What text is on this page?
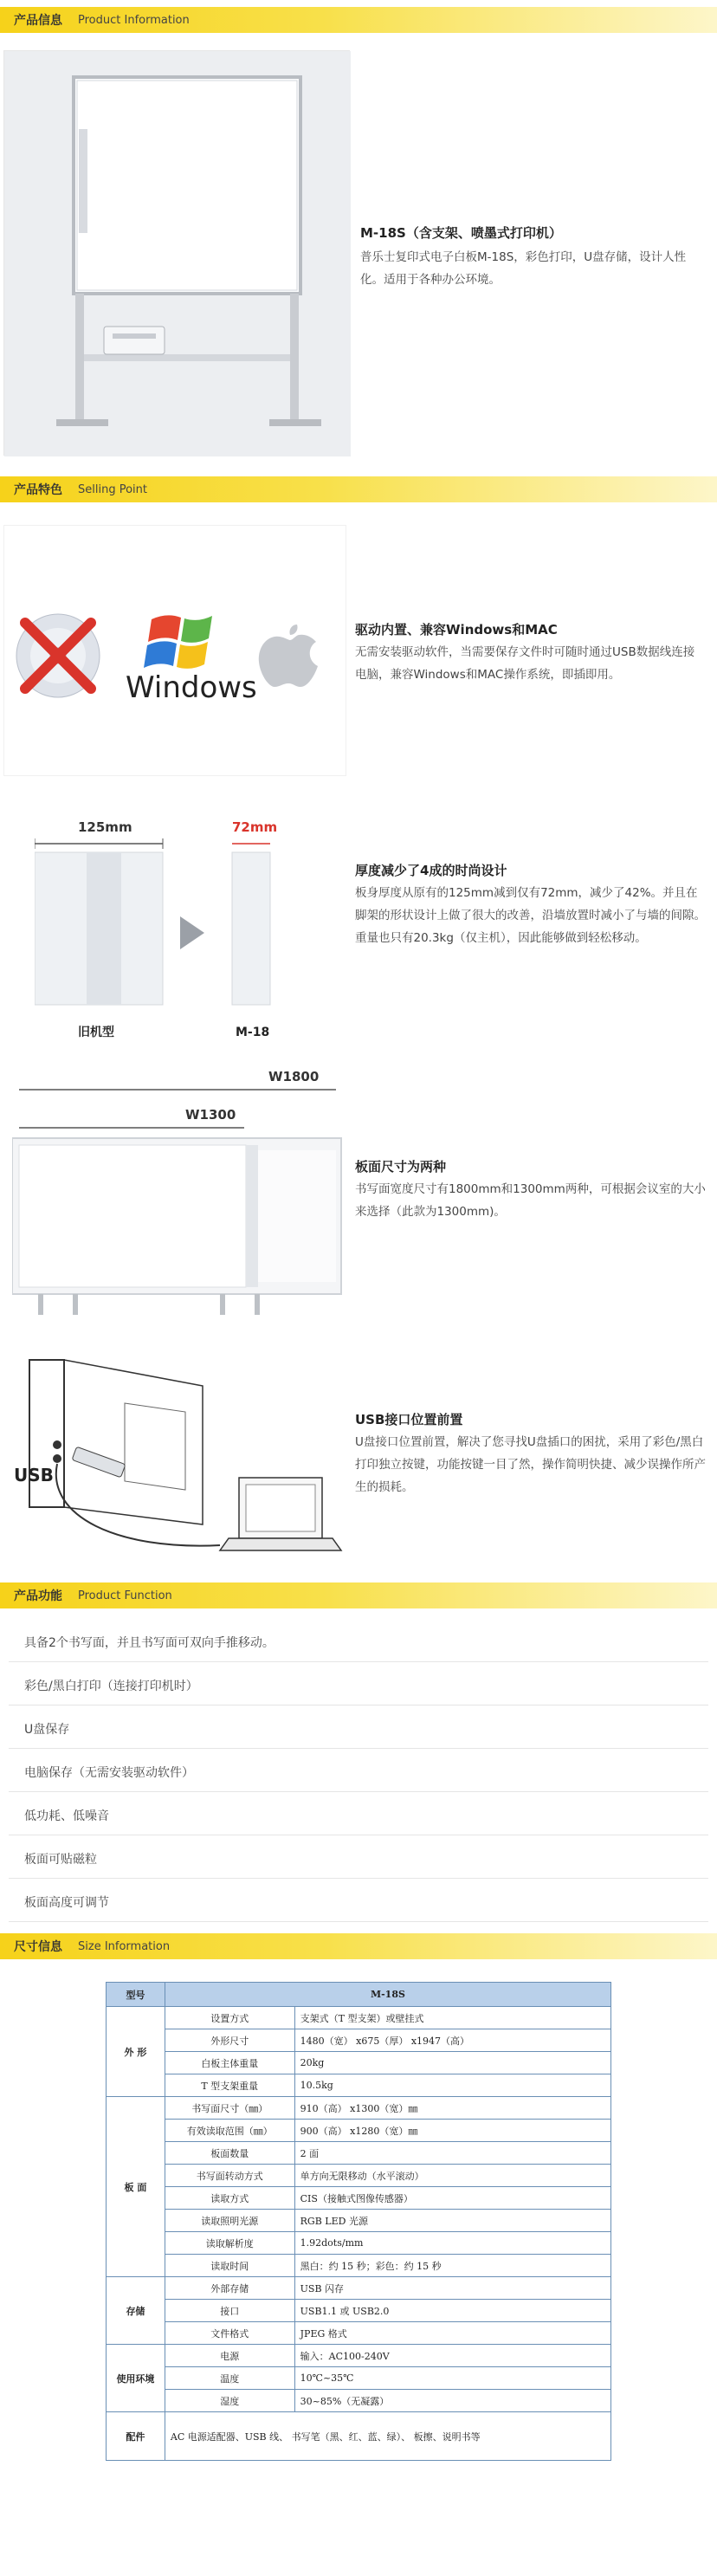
产品信息 Product Information
M-18S（含支架、喷墨式打印机）
普乐士复印式电子白板M-18S，彩色打印，U盘存储，设计人性化。适用于各种办公环境。
产品特色 Selling Point
Windows
驱动内置、兼容Windows和MAC
无需安装驱动软件，当需要保存文件时可随时通过USB数据线连接电脑，兼容Windows和MAC操作系统，即插即用。
125mm	72mm
旧机型	M-18
厚度减少了4成的时尚设计
板身厚度从原有的125mm减到仅有72mm，减少了42%。并且在脚架的形状设计上做了很大的改善，沿墙放置时减小了与墙的间隙。重量也只有20.3kg（仅主机），因此能够做到轻松移动。
W1800
W1300
板面尺寸为两种
书写面宽度尺寸有1800mm和1300mm两种，可根据会议室的大小来选择（此款为1300mm)。
USB
USB接口位置前置
U盘接口位置前置，解决了您寻找U盘插口的困扰，采用了彩色/黑白打印独立按键，功能按键一目了然，操作简明快捷、减少误操作所产生的损耗。
产品功能 Product Function
具备2个书写面，并且书写面可双向手推移动。
彩色/黑白打印（连接打印机时）
U盘保存
电脑保存（无需安装驱动软件）
低功耗、低噪音
板面可贴磁粒
板面高度可调节
尺寸信息 Size Information
型号	M-18S	
外 形	设置方式	支架式（T 型支架）或壁挂式
	外形尺寸	1480（宽） x675（厚） x1947（高）
	白板主体重量	20kg
	T 型支架重量	10.5kg
板 面	书写面尺寸（㎜）	910（高） x1300（宽）㎜
	有效读取范围（㎜）	900（高） x1280（宽）㎜
	板面数量	2 面
	书写面转动方式	单方向无限移动（水平滚动）
	读取方式	CIS（接触式图像传感器）
	读取照明光源	RGB LED 光源
	读取解析度	1.92dots/mm
	读取时间	黑白：约 15 秒；彩色：约 15 秒
存储	外部存储	USB 闪存
	接口	USB1.1 或 USB2.0
	文件格式	JPEG 格式
使用环境	电源	输入：AC100-240V
	温度	10℃~35℃
	湿度	30~85%（无凝露）
配件	AC 电源适配器、USB 线、 书写笔（黑、红、蓝、绿）、 板擦、说明书等	
